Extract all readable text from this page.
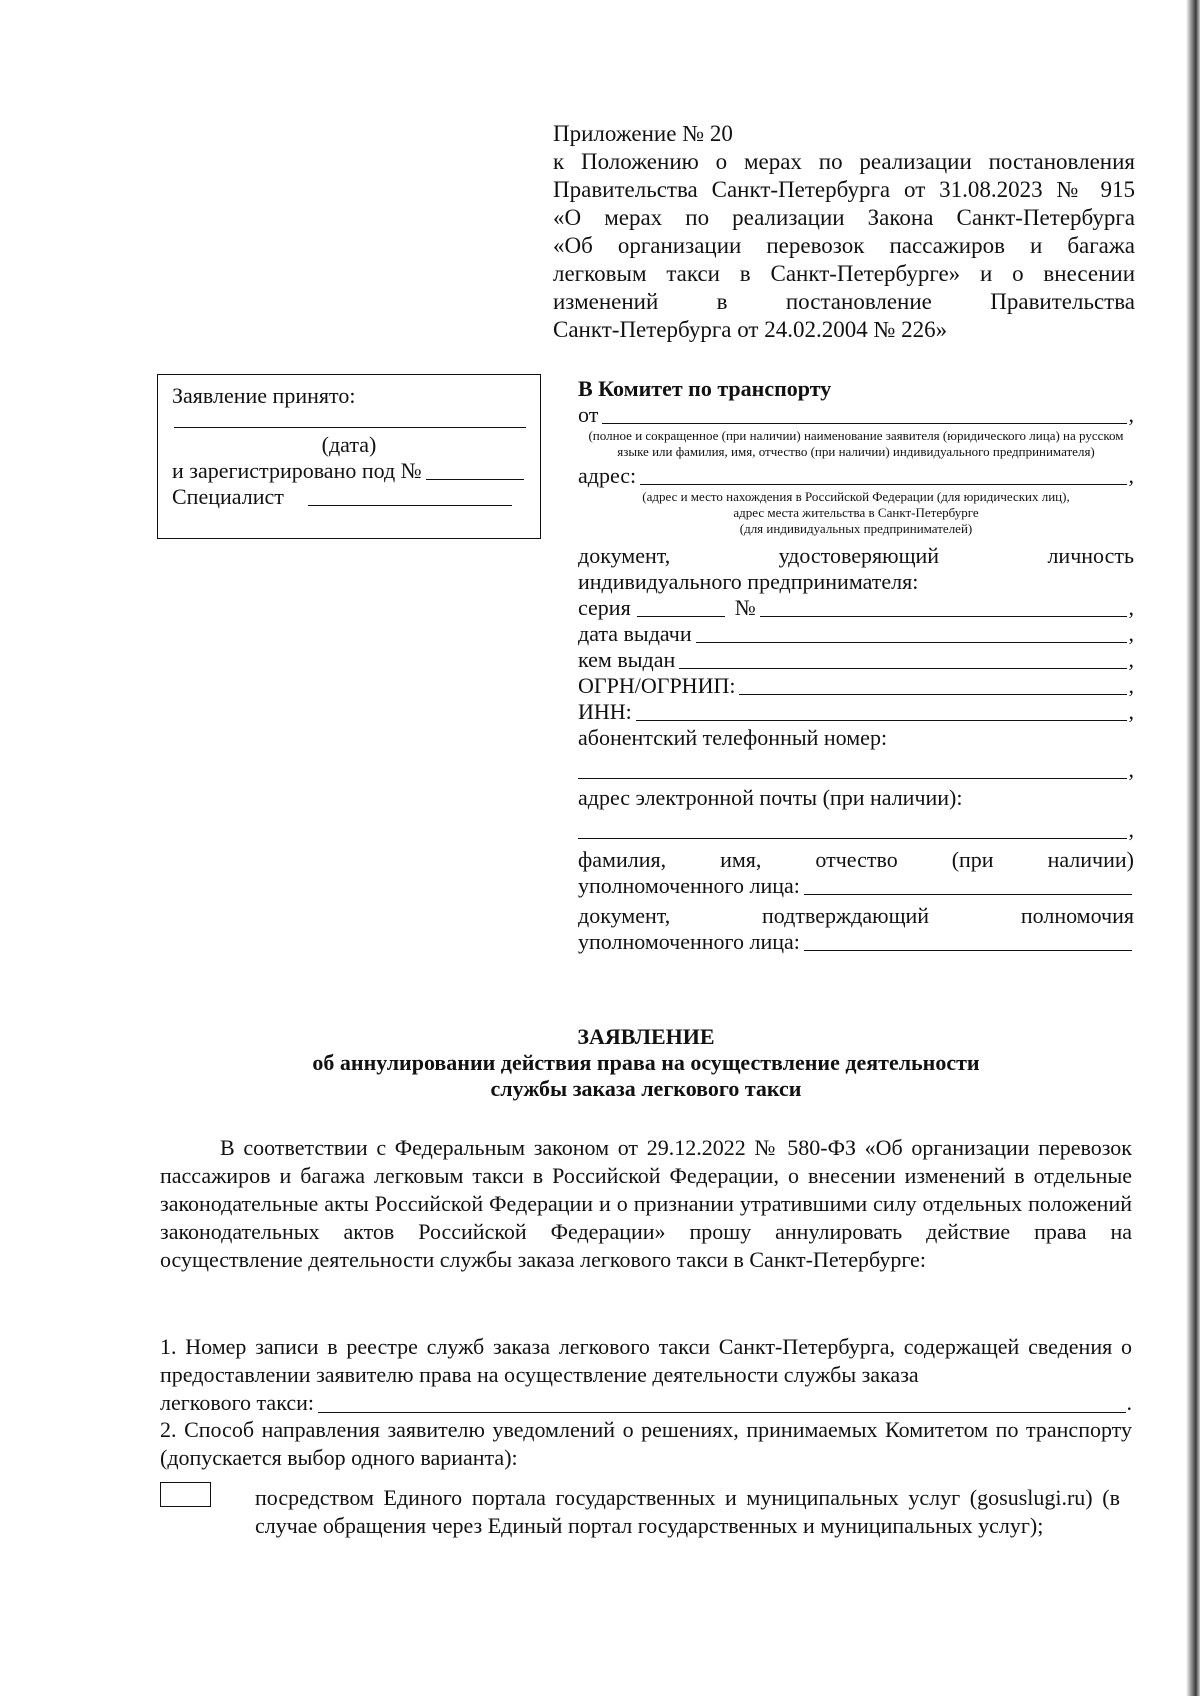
Приложение № 20
к Положению о мерах по реализации постановления
Правительства Санкт-Петербурга от 31.08.2023 № 915
«О мерах по реализации Закона Санкт-Петербурга
«Об организации перевозок пассажиров и багажа
легковым такси в Санкт-Петербурге» и о внесении
изменений в постановление Правительства
Санкт-Петербурга от 24.02.2004 № 226»
Заявление принято:
(дата)
и зарегистрировано под №
Специалист
В Комитет по транспорту
от	,
(полное и сокращенное (при наличии) наименование заявителя (юридического лица) на русском языке или фамилия, имя, отчество (при наличии) индивидуального предпринимателя)
адрес:	,
(адрес и место нахождения в Российской Федерации (для юридических лиц),
адрес места жительства в Санкт-Петербурге
(для индивидуальных предпринимателей)
документ, удостоверяющий личность
индивидуального предпринимателя:
серия	№	,
дата выдачи	,
кем выдан	,
ОГРН/ОГРНИП:	,
ИНН:	,
абонентский телефонный номер:
,
адрес электронной почты (при наличии):
,
фамилия, имя, отчество (при наличии)
уполномоченного лица:
документ, подтверждающий полномочия
уполномоченного лица:
ЗАЯВЛЕНИЕ
об аннулировании действия права на осуществление деятельности
службы заказа легкового такси
В соответствии с Федеральным законом от 29.12.2022 № 580-ФЗ «Об организации перевозок пассажиров и багажа легковым такси в Российской Федерации, о внесении изменений в отдельные законодательные акты Российской Федерации и о признании утратившими силу отдельных положений законодательных актов Российской Федерации» прошу аннулировать действие права на осуществление деятельности службы заказа легкового такси в Санкт-Петербурге:
1. Номер записи в реестре служб заказа легкового такси Санкт-Петербурга, содержащей сведения о предоставлении заявителю права на осуществление деятельности службы заказа
легкового такси:	.
2. Способ направления заявителю уведомлений о решениях, принимаемых Комитетом по транспорту (допускается выбор одного варианта):
посредством Единого портала государственных и муниципальных услуг (gosuslugi.ru) (в случае обращения через Единый портал государственных и муниципальных услуг);
